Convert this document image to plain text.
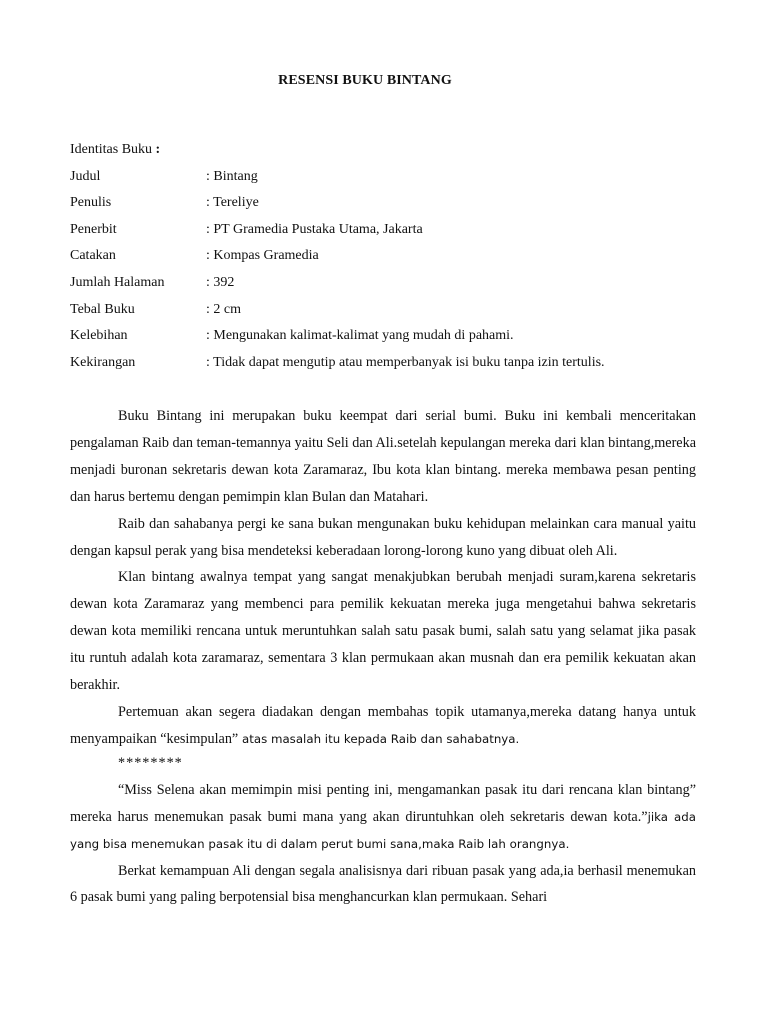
RESENSI BUKU BINTANG
Identitas Buku :
Judul	: Bintang
Penulis	: Tereliye
Penerbit	: PT Gramedia Pustaka Utama, Jakarta
Catakan	: Kompas Gramedia
Jumlah Halaman	: 392
Tebal Buku	: 2 cm
Kelebihan	: Mengunakan kalimat-kalimat yang mudah di pahami.
Kekirangan	: Tidak dapat mengutip atau memperbanyak isi buku tanpa izin tertulis.

Buku Bintang ini merupakan buku keempat dari serial bumi. Buku ini kembali menceritakan pengalaman Raib dan teman-temannya yaitu Seli dan Ali.setelah kepulangan mereka dari klan bintang,mereka menjadi buronan sekretaris dewan kota Zaramaraz, Ibu kota klan bintang. mereka membawa pesan penting dan harus bertemu dengan pemimpin klan Bulan dan Matahari.

Raib dan sahabanya pergi ke sana bukan mengunakan buku kehidupan melainkan cara manual yaitu dengan kapsul perak yang bisa mendeteksi keberadaan lorong-lorong kuno yang dibuat oleh Ali.

Klan bintang awalnya tempat yang sangat menakjubkan berubah menjadi suram,karena sekretaris dewan kota Zaramaraz yang membenci para pemilik kekuatan mereka juga mengetahui bahwa sekretaris dewan kota memiliki rencana untuk meruntuhkan salah satu pasak bumi, salah satu yang selamat jika pasak itu runtuh adalah kota zaramaraz, sementara 3 klan permukaan akan musnah dan era pemilik kekuatan akan berakhir.

Pertemuan akan segera diadakan dengan membahas topik utamanya,mereka datang hanya untuk menyampaikan “kesimpulan” atas masalah itu kepada Raib dan sahabatnya.

********

“Miss Selena akan memimpin misi penting ini, mengamankan pasak itu dari rencana klan bintang” mereka harus menemukan pasak bumi mana yang akan diruntuhkan oleh sekretaris dewan kota.”jika ada yang bisa menemukan pasak itu di dalam perut bumi sana,maka Raib lah orangnya.

Berkat kemampuan Ali dengan segala analisisnya dari ribuan pasak yang ada,ia berhasil menemukan 6 pasak bumi yang paling berpotensial bisa menghancurkan klan permukaan. Sehari
